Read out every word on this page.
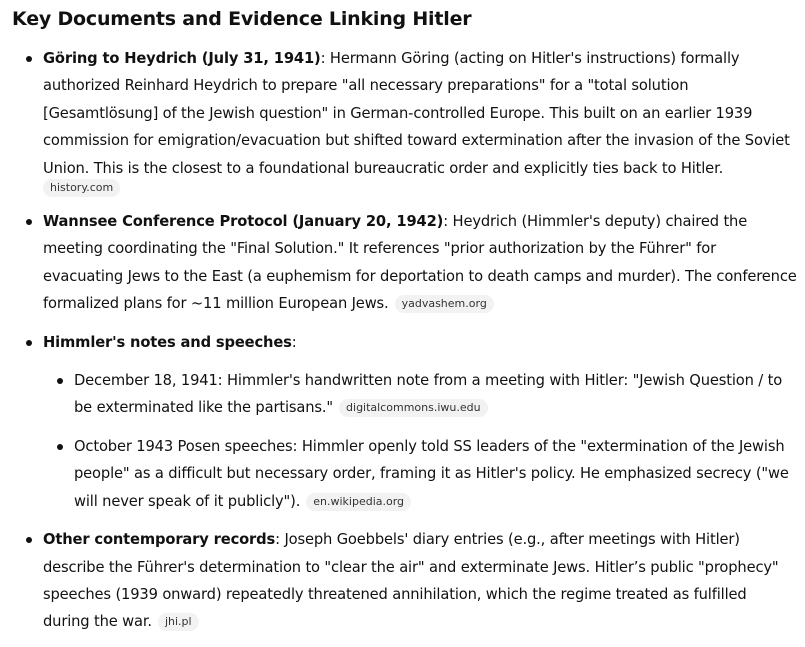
Key Documents and Evidence Linking Hitler
Göring to Heydrich (July 31, 1941): Hermann Göring (acting on Hitler's instructions) formally authorized Reinhard Heydrich to prepare "all necessary preparations" for a "total solution [Gesamtlösung] of the Jewish question" in German-controlled Europe. This built on an earlier 1939 commission for emigration/evacuation but shifted toward extermination after the invasion of the Soviet Union. This is the closest to a foundational bureaucratic order and explicitly ties back to Hitler.
history.com
Wannsee Conference Protocol (January 20, 1942): Heydrich (Himmler's deputy) chaired the meeting coordinating the "Final Solution." It references "prior authorization by the Führer" for evacuating Jews to the East (a euphemism for deportation to death camps and murder). The conference formalized plans for ~11 million European Jews. yadvashem.org
Himmler's notes and speeches:
December 18, 1941: Himmler's handwritten note from a meeting with Hitler: "Jewish Question / to be exterminated like the partisans." digitalcommons.iwu.edu
October 1943 Posen speeches: Himmler openly told SS leaders of the "extermination of the Jewish people" as a difficult but necessary order, framing it as Hitler's policy. He emphasized secrecy ("we will never speak of it publicly"). en.wikipedia.org
Other contemporary records: Joseph Goebbels' diary entries (e.g., after meetings with Hitler) describe the Führer's determination to "clear the air" and exterminate Jews. Hitler’s public "prophecy" speeches (1939 onward) repeatedly threatened annihilation, which the regime treated as fulfilled during the war. jhi.pl
